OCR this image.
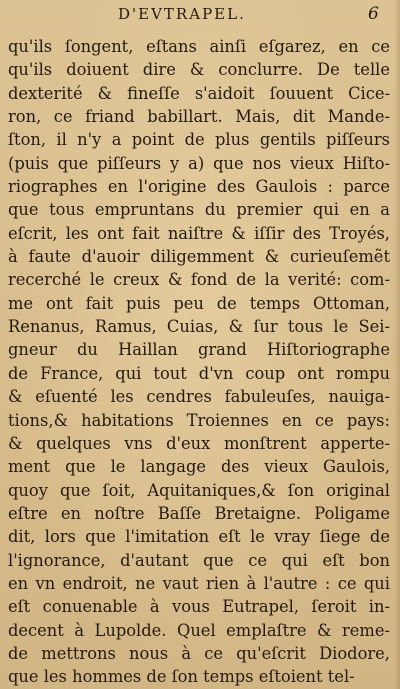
D'EVTRAPEL.	6
qu'ils ſongent, eſtans ainſi eſgarez, en ce
qu'ils doiuent dire & conclurre. De telle
dexterité & fineſſe s'aidoit ſouuent Cice-
ron, ce friand babillart. Mais, dit Mande-
ſton, il n'y a point de plus gentils piſſeurs
(puis que piſſeurs y a) que nos vieux Hiſto-
riographes en l'origine des Gaulois : parce
que tous empruntans du premier qui en a
eſcrit, les ont fait naiſtre & iſſir des Troyés,
à faute d'auoir diligemment & curieuſemẽt
recerché le creux & fond de la verité: com-
me ont fait puis peu de temps Ottoman,
Renanus, Ramus, Cuias, & ſur tous le Sei-
gneur du Haillan grand Hiſtoriographe
de France, qui tout d'vn coup ont rompu
& eſuenté les cendres fabuleuſes, nauiga-
tions,& habitations Troiennes en ce pays:
& quelques vns d'eux monſtrent apperte-
ment que le langage des vieux Gaulois,
quoy que ſoit, Aquitaniques,& ſon original
eſtre en noſtre Baſſe Bretaigne. Poligame
dit, lors que l'imitation eſt le vray ſiege de
l'ignorance, d'autant que ce qui eſt bon
en vn endroit, ne vaut rien à l'autre : ce qui
eſt conuenable à vous Eutrapel, ſeroit in-
decent à Lupolde. Quel emplaſtre & reme-
de mettrons nous à ce qu'eſcrit Diodore,
que les hommes de ſon temps eſtoient tel-
